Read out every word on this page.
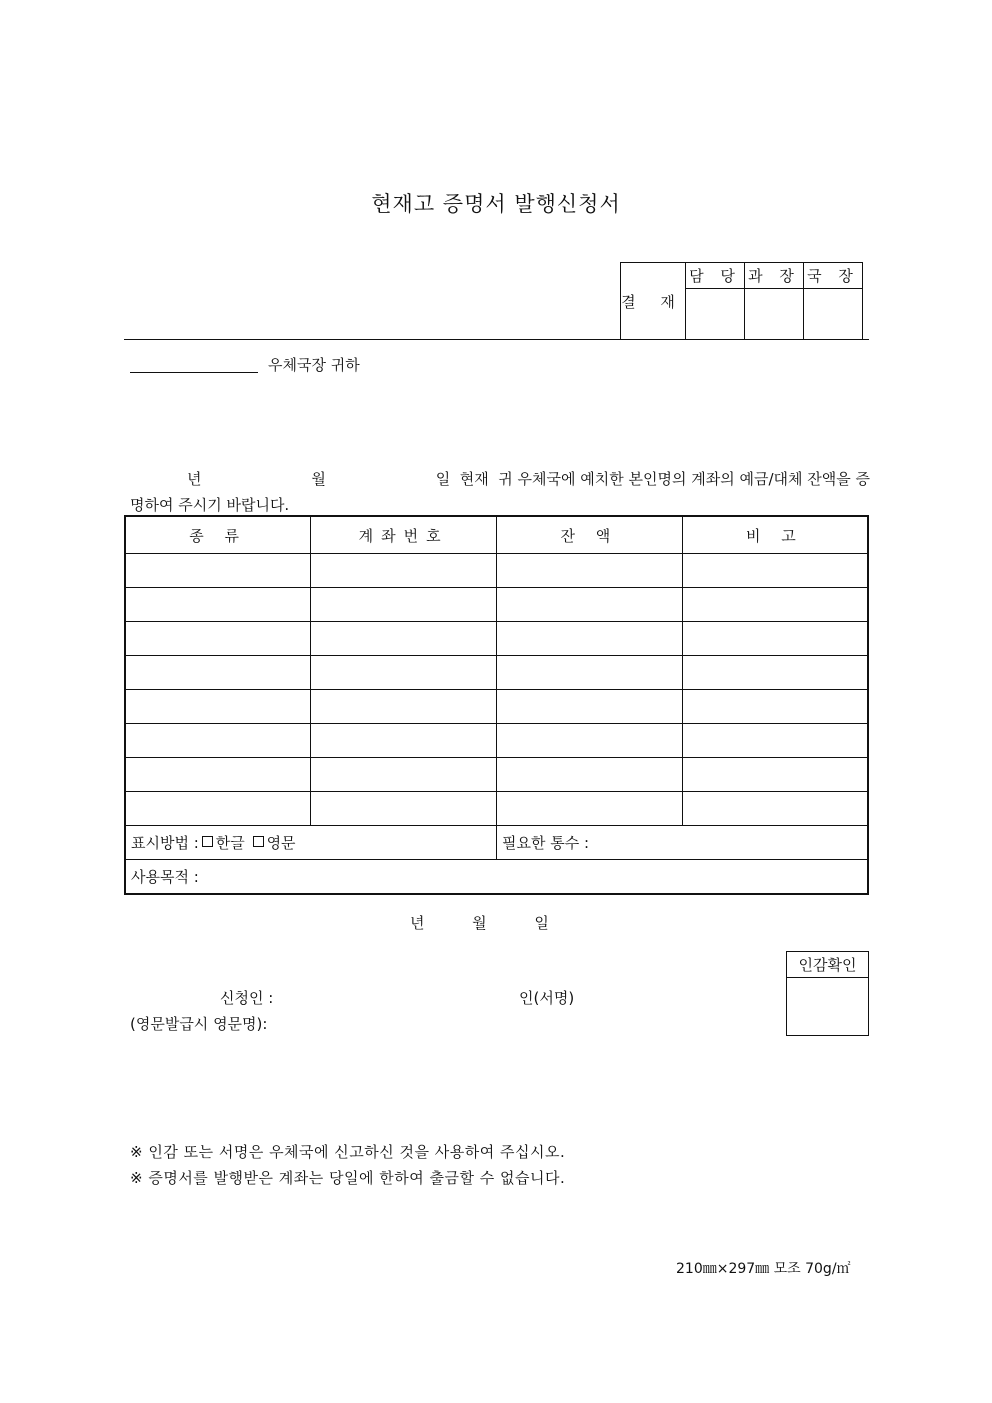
현재고 증명서 발행신청서
결 재	담 당	과 장	국 장

우체국장 귀하
년	월	일  현재  귀 우체국에 예치한 본인명의 계좌의 예금/대체 잔액을 증
명하여 주시기 바랍니다.
종 류	계좌번호	잔 액	비 고

표시방법 : 한글 영문		필요한 통수 :	
사용목적 :			
년          월          일
인감확인

신청인 :	인(서명)
(영문발급시 영문명):
※ 인감 또는 서명은 우체국에 신고하신 것을 사용하여 주십시오.
※ 증명서를 발행받은 계좌는 당일에 한하여 출금할 수 없습니다.
210㎜×297㎜ 모조 70g/㎡
